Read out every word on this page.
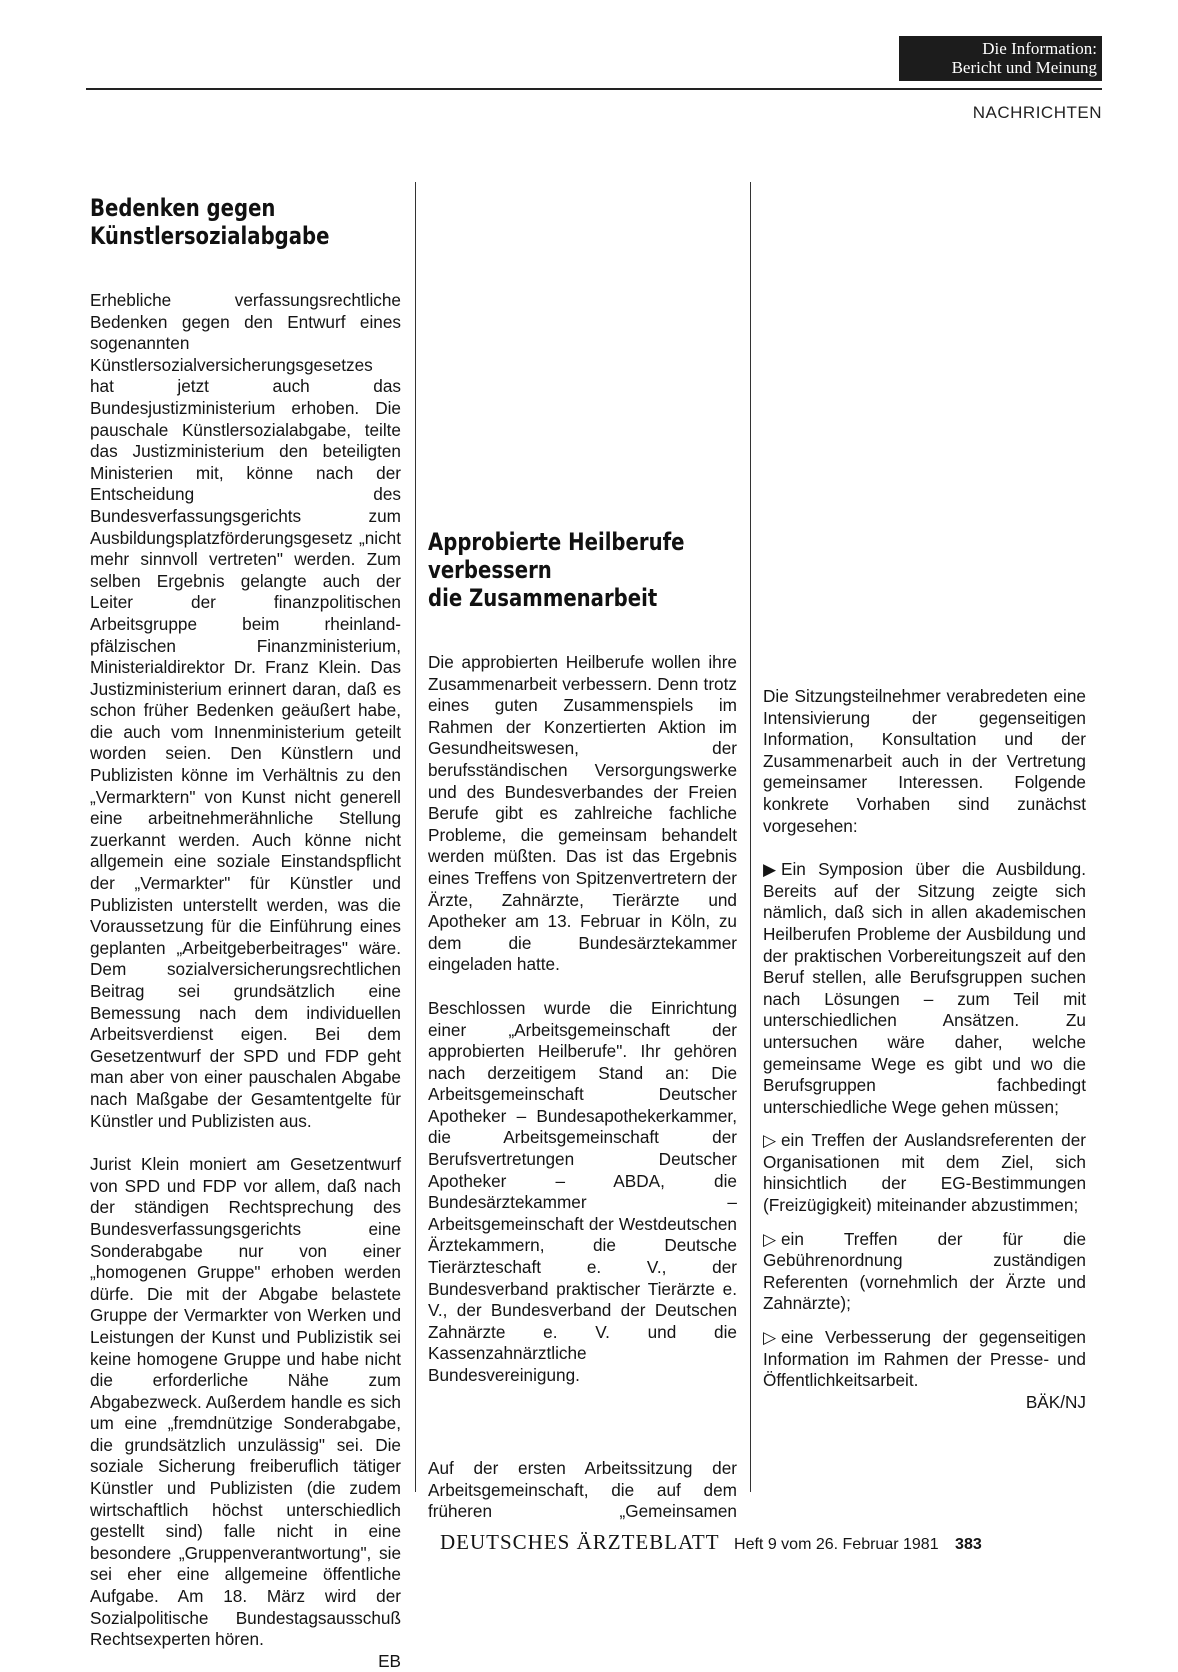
Die Information:
Bericht und Meinung
NACHRICHTEN
Bedenken gegen
Künstlersozialabgabe

Erhebliche verfassungsrechtliche Bedenken gegen den Entwurf eines sogenannten Künstlersozialversicherungsgesetzes hat jetzt auch das Bundesjustizministerium erhoben. Die pauschale Künstlersozialabgabe, teilte das Justizministerium den beteiligten Ministerien mit, könne nach der Entscheidung des Bundesverfassungsgerichts zum Ausbildungsplatzförderungsgesetz „nicht mehr sinnvoll vertreten" werden. Zum selben Ergebnis gelangte auch der Leiter der finanzpolitischen Arbeitsgruppe beim rheinland-pfälzischen Finanzministerium, Ministerialdirektor Dr. Franz Klein. Das Justizministerium erinnert daran, daß es schon früher Bedenken geäußert habe, die auch vom Innenministerium geteilt worden seien. Den Künstlern und Publizisten könne im Verhältnis zu den „Vermarktern" von Kunst nicht generell eine arbeitnehmerähnliche Stellung zuerkannt werden. Auch könne nicht allgemein eine soziale Einstandspflicht der „Vermarkter" für Künstler und Publizisten unterstellt werden, was die Voraussetzung für die Einführung eines geplanten „Arbeitgeberbeitrages" wäre. Dem sozialversicherungsrechtlichen Beitrag sei grundsätzlich eine Bemessung nach dem individuellen Arbeitsverdienst eigen. Bei dem Gesetzentwurf der SPD und FDP geht man aber von einer pauschalen Abgabe nach Maßgabe der Gesamtentgelte für Künstler und Publizisten aus.

Jurist Klein moniert am Gesetzentwurf von SPD und FDP vor allem, daß nach der ständigen Rechtsprechung des Bundesverfassungsgerichts eine Sonderabgabe nur von einer „homogenen Gruppe" erhoben werden dürfe. Die mit der Abgabe belastete Gruppe der Vermarkter von Werken und Leistungen der Kunst und Publizistik sei keine homogene Gruppe und habe nicht die erforderliche Nähe zum Abgabezweck. Außerdem handle es sich um eine „fremdnützige Sonderabgabe, die grundsätzlich unzulässig" sei. Die soziale Sicherung freiberuflich tätiger Künstler und Publizisten (die zudem wirtschaftlich höchst unterschiedlich gestellt sind) falle nicht in eine besondere „Gruppenverantwortung", sie sei eher eine allgemeine öffentliche Aufgabe. Am 18. März wird der Sozialpolitische Bundestagsausschuß Rechtsexperten hören.
EB

Approbierte Heilberufe
verbessern
die Zusammenarbeit

Die approbierten Heilberufe wollen ihre Zusammenarbeit verbessern. Denn trotz eines guten Zusammenspiels im Rahmen der Konzertierten Aktion im Gesundheitswesen, der berufsständischen Versorgungswerke und des Bundesverbandes der Freien Berufe gibt es zahlreiche fachliche Probleme, die gemeinsam behandelt werden müßten. Das ist das Ergebnis eines Treffens von Spitzenvertretern der Ärzte, Zahnärzte, Tierärzte und Apotheker am 13. Februar in Köln, zu dem die Bundesärztekammer eingeladen hatte.

Beschlossen wurde die Einrichtung einer „Arbeitsgemeinschaft der approbierten Heilberufe". Ihr gehören nach derzeitigem Stand an: Die Arbeitsgemeinschaft Deutscher Apotheker – Bundesapothekerkammer, die Arbeitsgemeinschaft der Berufsvertretungen Deutscher Apotheker – ABDA, die Bundesärztekammer – Arbeitsgemeinschaft der Westdeutschen Ärztekammern, die Deutsche Tierärzteschaft e. V., der Bundesverband praktischer Tierärzte e. V., der Bundesverband der Deutschen Zahnärzte e. V. und die Kassenzahnärztliche Bundesvereinigung.

Auf der ersten Arbeitssitzung der Arbeitsgemeinschaft, die auf dem früheren „Gemeinsamen

Die Sitzungsteilnehmer verabredeten eine Intensivierung der gegenseitigen Information, Konsultation und der Zusammenarbeit auch in der Vertretung gemeinsamer Interessen. Folgende konkrete Vorhaben sind zunächst vorgesehen:

▶ Ein Symposion über die Ausbildung. Bereits auf der Sitzung zeigte sich nämlich, daß sich in allen akademischen Heilberufen Probleme der Ausbildung und der praktischen Vorbereitungszeit auf den Beruf stellen, alle Berufsgruppen suchen nach Lösungen – zum Teil mit unterschiedlichen Ansätzen. Zu untersuchen wäre daher, welche gemeinsame Wege es gibt und wo die Berufsgruppen fachbedingt unterschiedliche Wege gehen müssen;

▷ ein Treffen der Auslandsreferenten der Organisationen mit dem Ziel, sich hinsichtlich der EG-Bestimmungen (Freizügigkeit) miteinander abzustimmen;

▷ ein Treffen der für die Gebührenordnung zuständigen Referenten (vornehmlich der Ärzte und Zahnärzte);

▷ eine Verbesserung der gegenseitigen Information im Rahmen der Presse- und Öffentlichkeitsarbeit.
BÄK/NJ

DEUTSCHES ÄRZTEBLATT Heft 9 vom 26. Februar 1981 383
